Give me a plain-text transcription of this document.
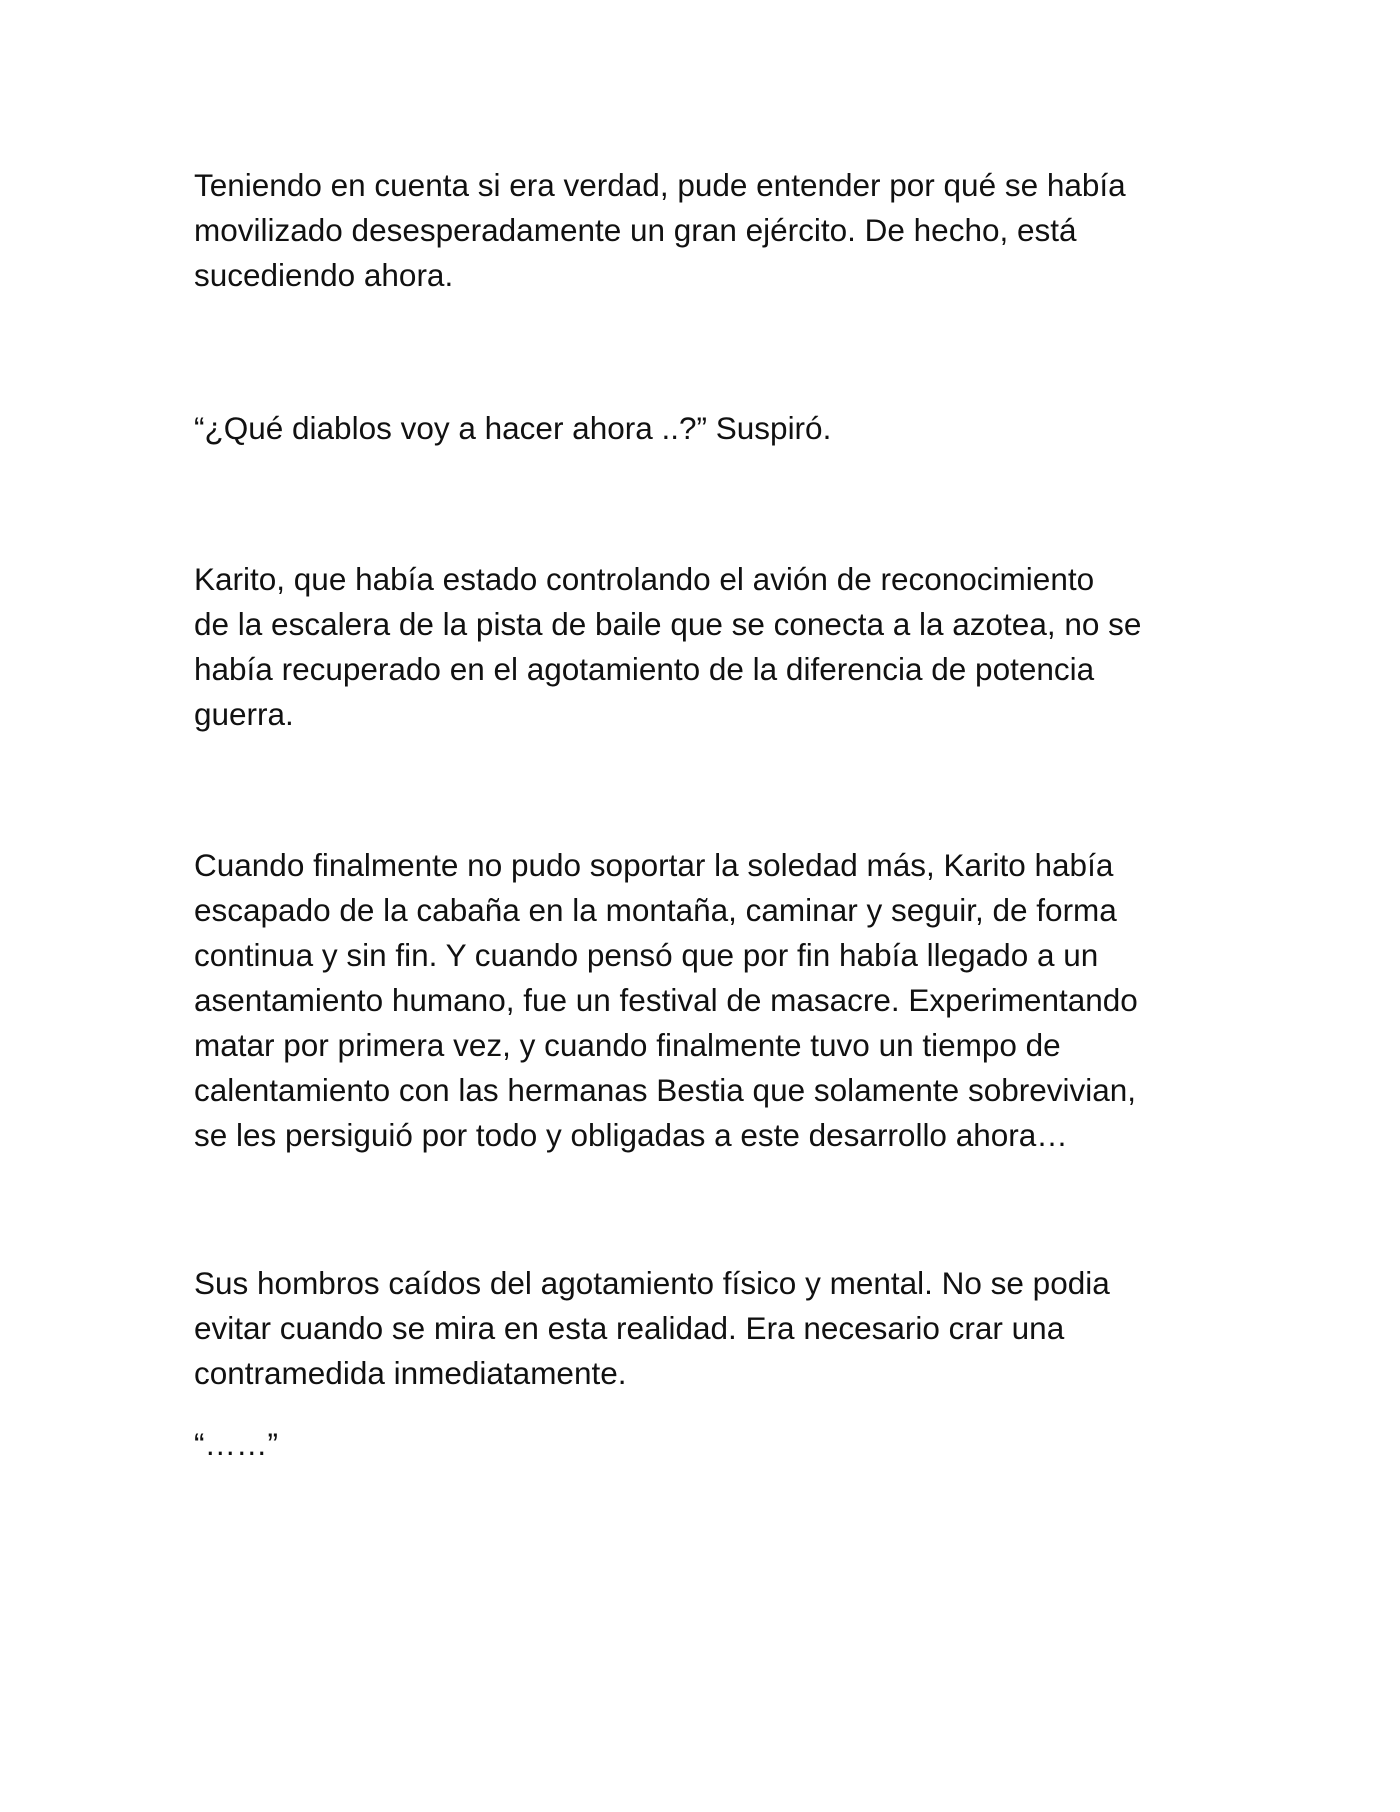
Teniendo en cuenta si era verdad, pude entender por qué se había
movilizado desesperadamente un gran ejército. De hecho, está
sucediendo ahora.

“¿Qué diablos voy a hacer ahora ..?” Suspiró.

Karito, que había estado controlando el avión de reconocimiento
de la escalera de la pista de baile que se conecta a la azotea, no se
había recuperado en el agotamiento de la diferencia de potencia
guerra.

Cuando finalmente no pudo soportar la soledad más, Karito había
escapado de la cabaña en la montaña, caminar y seguir, de forma
continua y sin fin. Y cuando pensó que por fin había llegado a un
asentamiento humano, fue un festival de masacre. Experimentando
matar por primera vez, y cuando finalmente tuvo un tiempo de
calentamiento con las hermanas Bestia que solamente sobrevivian,
se les persiguió por todo y obligadas a este desarrollo ahora…

Sus hombros caídos del agotamiento físico y mental. No se podia
evitar cuando se mira en esta realidad. Era necesario crar una
contramedida inmediatamente.

“……”
